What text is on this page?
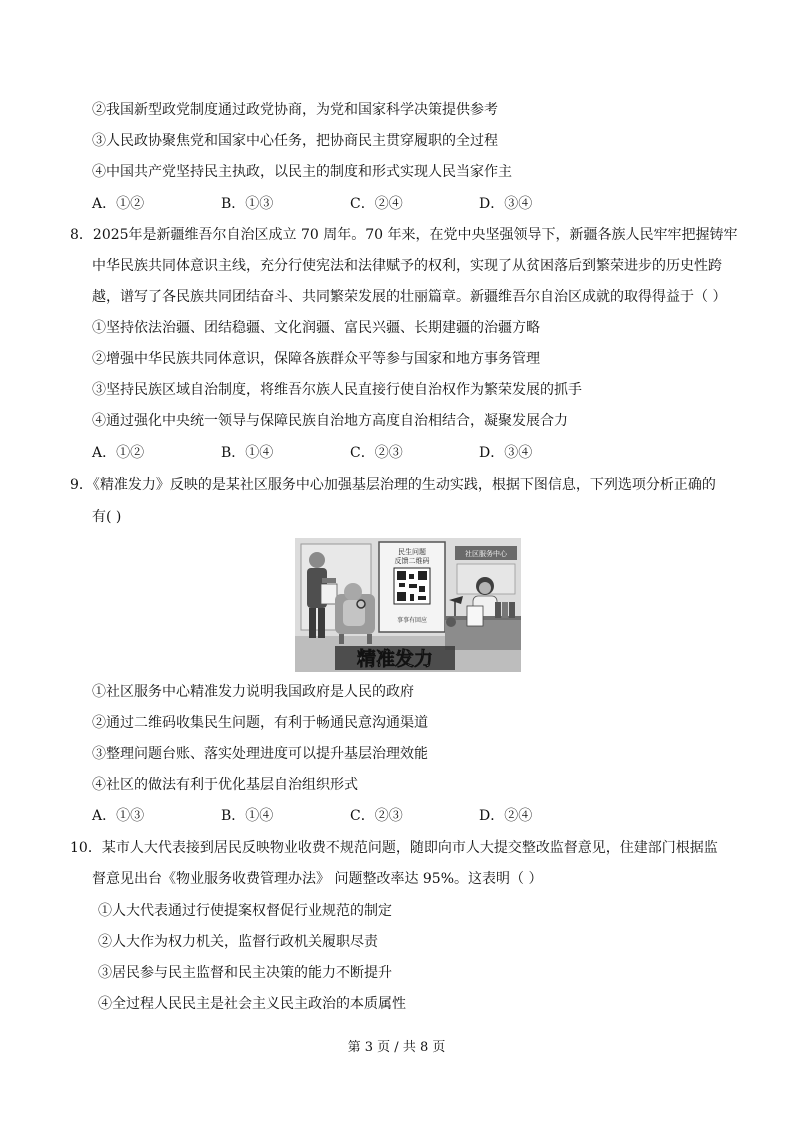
②我国新型政党制度通过政党协商，为党和国家科学决策提供参考
③人民政协聚焦党和国家中心任务，把协商民主贯穿履职的全过程
④中国共产党坚持民主执政，以民主的制度和形式实现人民当家作主
A．①②	B．①③	C．②④	D．③④
8．2025年是新疆维吾尔自治区成立 70 周年。70 年来，在党中央坚强领导下，新疆各族人民牢牢把握铸牢
中华民族共同体意识主线，充分行使宪法和法律赋予的权利，实现了从贫困落后到繁荣进步的历史性跨
越，谱写了各民族共同团结奋斗、共同繁荣发展的壮丽篇章。新疆维吾尔自治区成就的取得得益于（ ）
①坚持依法治疆、团结稳疆、文化润疆、富民兴疆、长期建疆的治疆方略
②增强中华民族共同体意识，保障各族群众平等参与国家和地方事务管理
③坚持民族区域自治制度，将维吾尔族人民直接行使自治权作为繁荣发展的抓手
④通过强化中央统一领导与保障民族自治地方高度自治相结合，凝聚发展合力
A．①②	B．①④	C．②③	D．③④
9．《精准发力》反映的是某社区服务中心加强基层治理的生动实践，根据下图信息，下列选项分析正确的
有( )
民生问题
反馈二维码
事事有回应
社区服务中心
精准发力
①社区服务中心精准发力说明我国政府是人民的政府
②通过二维码收集民生问题，有利于畅通民意沟通渠道
③整理问题台账、落实处理进度可以提升基层治理效能
④社区的做法有利于优化基层自治组织形式
A．①③	B．①④	C．②③	D．②④
10．某市人大代表接到居民反映物业收费不规范问题，随即向市人大提交整改监督意见，住建部门根据监
督意见出台《物业服务收费管理办法》 问题整改率达 95%。这表明（ ）
①人大代表通过行使提案权督促行业规范的制定
②人大作为权力机关，监督行政机关履职尽责
③居民参与民主监督和民主决策的能力不断提升
④全过程人民民主是社会主义民主政治的本质属性
第 3 页 / 共 8 页
